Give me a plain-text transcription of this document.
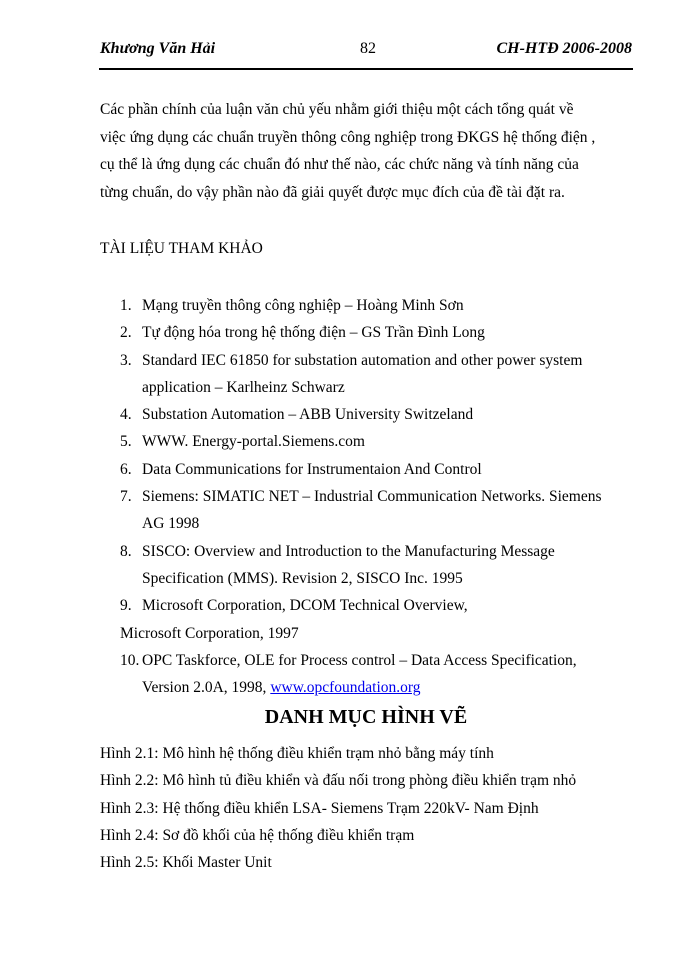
Khương Văn Hải	82	CH-HTĐ 2006-2008

Các phần chính của luận văn chủ yếu nhằm giới thiệu một cách tổng quát về
việc ứng dụng các chuẩn truyền thông công nghiệp trong ĐKGS hệ thống điện ,
cụ thể là ứng dụng các chuẩn đó như thế nào, các chức năng và tính năng của
từng chuẩn, do vậy phần nào đã giải quyết được mục đích của đề tài đặt ra.

TÀI LIỆU THAM KHẢO

1. Mạng truyền thông công nghiệp – Hoàng Minh Sơn
2. Tự động hóa trong hệ thống điện – GS Trần Đình Long
3. Standard IEC 61850 for substation automation and other power system
application – Karlheinz Schwarz
4. Substation Automation – ABB University Switzeland
5. WWW. Energy-portal.Siemens.com
6. Data Communications for Instrumentaion And Control
7. Siemens: SIMATIC NET – Industrial Communication Networks. Siemens
AG 1998
8. SISCO: Overview and Introduction to the Manufacturing Message
Specification (MMS). Revision 2, SISCO Inc. 1995
9. Microsoft Corporation, DCOM Technical Overview,
Microsoft Corporation, 1997
10. OPC Taskforce, OLE for Process control – Data Access Specification,
Version 2.0A, 1998, www.opcfoundation.org
DANH MỤC HÌNH VẼ
Hình 2.1: Mô hình hệ thống điều khiển trạm nhỏ bằng máy tính
Hình 2.2: Mô hình tủ điều khiển và đấu nối trong phòng điều khiển trạm nhỏ
Hình 2.3: Hệ thống điều khiển LSA- Siemens Trạm 220kV- Nam Định
Hình 2.4: Sơ đồ khối của hệ thống điều khiển trạm
Hình 2.5: Khối Master Unit
